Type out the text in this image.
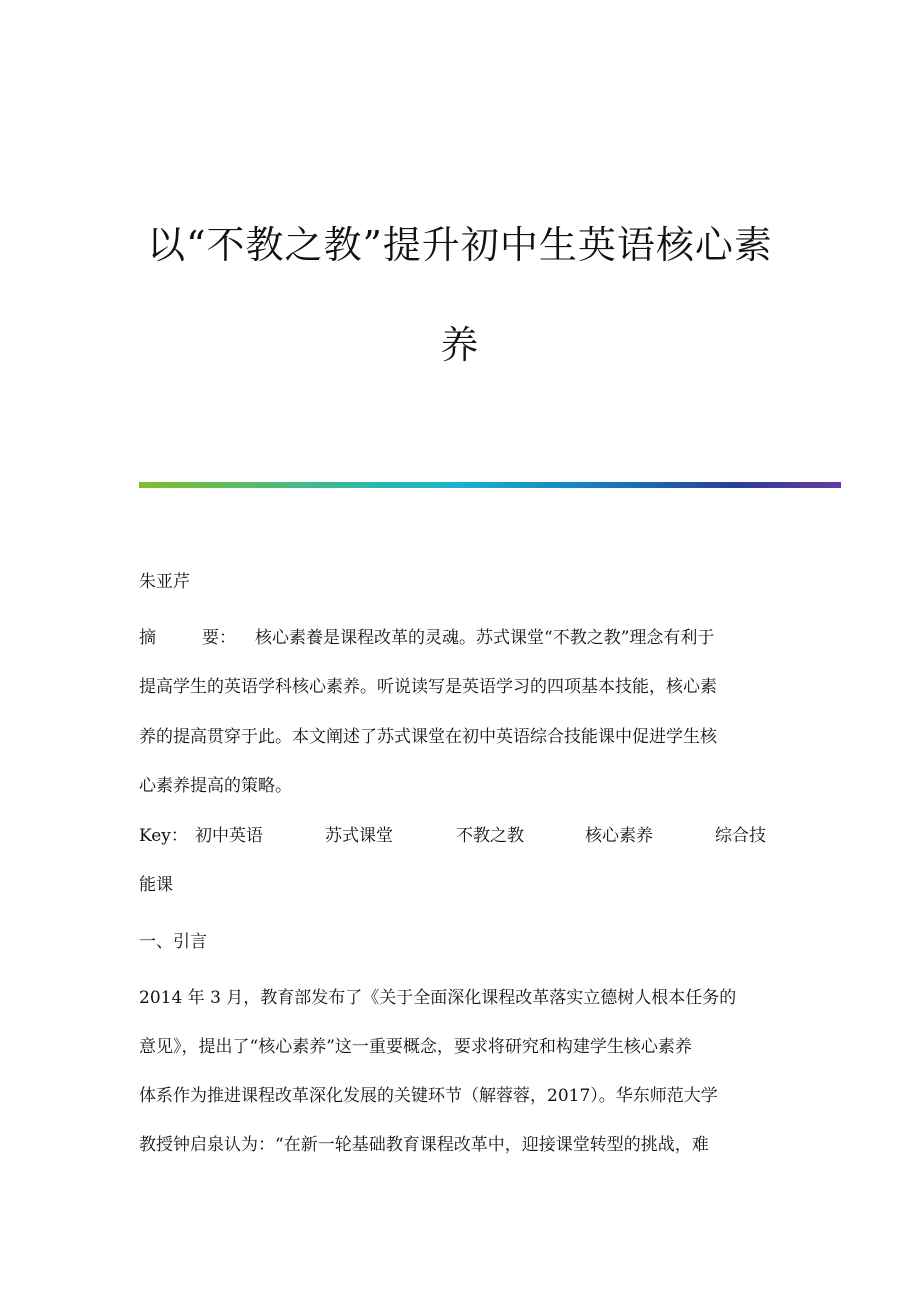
以“不教之教”提升初中生英语核心素
养
朱亚芹
摘	要： 核心素養是课程改革的灵魂。苏式课堂“不教之教”理念有利于
提高学生的英语学科核心素养。听说读写是英语学习的四项基本技能，核心素
养的提高贯穿于此。本文阐述了苏式课堂在初中英语综合技能课中促进学生核
心素养提高的策略。
Key： 初中英语	苏式课堂	不教之教	核心素养	综合技
能课
一、引言
2014 年 3 月，教育部发布了《关于全面深化课程改革落实立德树人根本任务的
意见》，提出了“核心素养”这一重要概念，要求将研究和构建学生核心素养
体系作为推进课程改革深化发展的关键环节（解蓉蓉，2017）。华东师范大学
教授钟启泉认为：“在新一轮基础教育课程改革中，迎接课堂转型的挑战，难
